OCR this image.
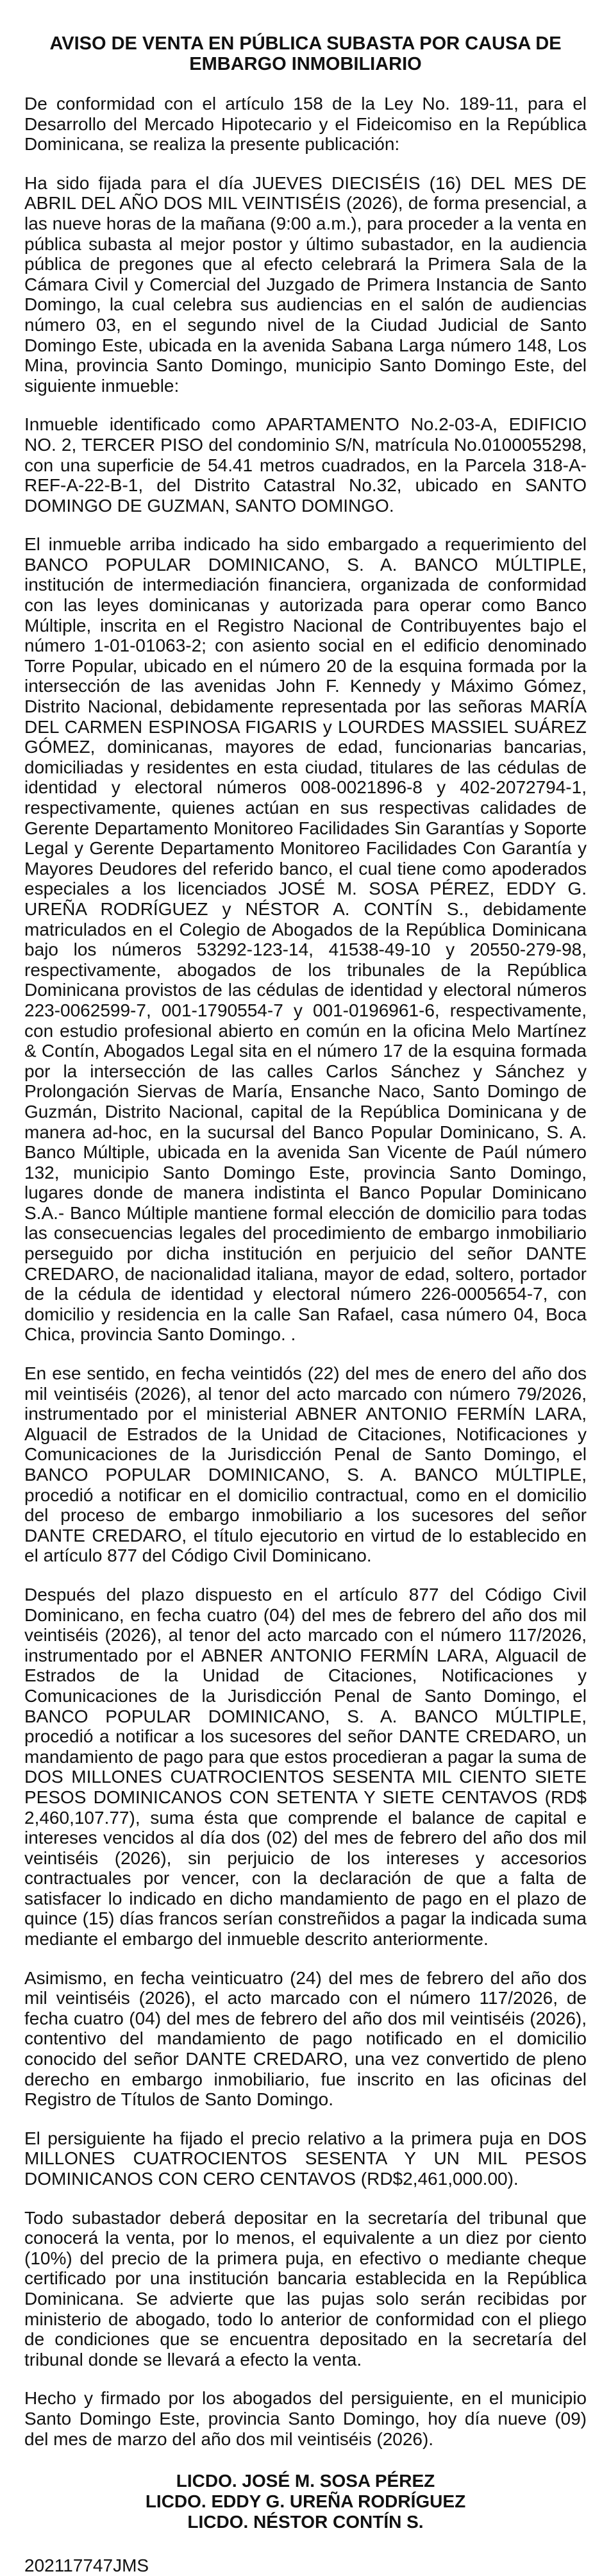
AVISO DE VENTA EN PÚBLICA SUBASTA POR CAUSA DE
EMBARGO INMOBILIARIO

De conformidad con el artículo 158 de la Ley No. 189-11, para el Desarrollo del Mercado Hipotecario y el Fideicomiso en la República Dominicana, se realiza la presente publicación:

Ha sido fijada para el día JUEVES DIECISÉIS (16) DEL MES DE ABRIL DEL AÑO DOS MIL VEINTISÉIS (2026), de forma presencial, a las nueve horas de la mañana (9:00 a.m.), para proceder a la venta en pública subasta al mejor postor y último subastador, en la audiencia pública de pregones que al efecto celebrará la Primera Sala de la Cámara Civil y Comercial del Juzgado de Primera Instancia de Santo Domingo, la cual celebra sus audiencias en el salón de audiencias número 03, en el segundo nivel de la Ciudad Judicial de Santo Domingo Este, ubicada en la avenida Sabana Larga número 148, Los Mina, provincia Santo Domingo, municipio Santo Domingo Este, del siguiente inmueble:

Inmueble identificado como APARTAMENTO No.2-03-A, EDIFICIO NO. 2, TERCER PISO del condominio S/N, matrícula No.0100055298, con una superficie de 54.41 metros cuadrados, en la Parcela 318-A-REF-A-22-B-1, del Distrito Catastral No.32, ubicado en SANTO DOMINGO DE GUZMAN, SANTO DOMINGO.

El inmueble arriba indicado ha sido embargado a requerimiento del BANCO POPULAR DOMINICANO, S. A. BANCO MÚLTIPLE, institución de intermediación financiera, organizada de conformidad con las leyes dominicanas y autorizada para operar como Banco Múltiple, inscrita en el Registro Nacional de Contribuyentes bajo el número 1-01-01063-2; con asiento social en el edificio denominado Torre Popular, ubicado en el número 20 de la esquina formada por la intersección de las avenidas John F. Kennedy y Máximo Gómez, Distrito Nacional, debidamente representada por las señoras MARÍA DEL CARMEN ESPINOSA FIGARIS y LOURDES MASSIEL SUÁREZ GÓMEZ, dominicanas, mayores de edad, funcionarias bancarias, domiciliadas y residentes en esta ciudad, titulares de las cédulas de identidad y electoral números 008-0021896-8 y 402-2072794-1, respectivamente, quienes actúan en sus respectivas calidades de Gerente Departamento Monitoreo Facilidades Sin Garantías y Soporte Legal y Gerente Departamento Monitoreo Facilidades Con Garantía y Mayores Deudores del referido banco, el cual tiene como apoderados especiales a los licenciados JOSÉ M. SOSA PÉREZ, EDDY G. UREÑA RODRÍGUEZ y NÉSTOR A. CONTÍN S., debidamente matriculados en el Colegio de Abogados de la República Dominicana bajo los números 53292-123-14, 41538-49-10 y 20550-279-98, respectivamente, abogados de los tribunales de la República Dominicana provistos de las cédulas de identidad y electoral números 223-0062599-7, 001-1790554-7 y 001-0196961-6, respectivamente, con estudio profesional abierto en común en la oficina Melo Martínez & Contín, Abogados Legal sita en el número 17 de la esquina formada por la intersección de las calles Carlos Sánchez y Sánchez y Prolongación Siervas de María, Ensanche Naco, Santo Domingo de Guzmán, Distrito Nacional, capital de la República Dominicana y de manera ad-hoc, en la sucursal del Banco Popular Dominicano, S. A. Banco Múltiple, ubicada en la avenida San Vicente de Paúl número 132, municipio Santo Domingo Este, provincia Santo Domingo, lugares donde de manera indistinta el Banco Popular Dominicano S.A.- Banco Múltiple mantiene formal elección de domicilio para todas las consecuencias legales del procedimiento de embargo inmobiliario perseguido por dicha institución en perjuicio del señor DANTE CREDARO, de nacionalidad italiana, mayor de edad, soltero, portador de la cédula de identidad y electoral número 226-0005654-7, con domicilio y residencia en la calle San Rafael, casa número 04, Boca Chica, provincia Santo Domingo. .

En ese sentido, en fecha veintidós (22) del mes de enero del año dos mil veintiséis (2026), al tenor del acto marcado con número 79/2026, instrumentado por el ministerial ABNER ANTONIO FERMÍN LARA, Alguacil de Estrados de la Unidad de Citaciones, Notificaciones y Comunicaciones de la Jurisdicción Penal de Santo Domingo, el BANCO POPULAR DOMINICANO, S. A. BANCO MÚLTIPLE, procedió a notificar en el domicilio contractual, como en el domicilio del proceso de embargo inmobiliario a los sucesores del señor DANTE CREDARO, el título ejecutorio en virtud de lo establecido en el artículo 877 del Código Civil Dominicano.

Después del plazo dispuesto en el artículo 877 del Código Civil Dominicano, en fecha cuatro (04) del mes de febrero del año dos mil veintiséis (2026), al tenor del acto marcado con el número 117/2026, instrumentado por el ABNER ANTONIO FERMÍN LARA, Alguacil de Estrados de la Unidad de Citaciones, Notificaciones y Comunicaciones de la Jurisdicción Penal de Santo Domingo, el BANCO POPULAR DOMINICANO, S. A. BANCO MÚLTIPLE, procedió a notificar a los sucesores del señor DANTE CREDARO, un mandamiento de pago para que estos procedieran a pagar la suma de DOS MILLONES CUATROCIENTOS SESENTA MIL CIENTO SIETE PESOS DOMINICANOS CON SETENTA Y SIETE CENTAVOS (RD$ 2,460,107.77), suma ésta que comprende el balance de capital e intereses vencidos al día dos (02) del mes de febrero del año dos mil veintiséis (2026), sin perjuicio de los intereses y accesorios contractuales por vencer, con la declaración de que a falta de satisfacer lo indicado en dicho mandamiento de pago en el plazo de quince (15) días francos serían constreñidos a pagar la indicada suma mediante el embargo del inmueble descrito anteriormente.

Asimismo, en fecha veinticuatro (24) del mes de febrero del año dos mil veintiséis (2026), el acto marcado con el número 117/2026, de fecha cuatro (04) del mes de febrero del año dos mil veintiséis (2026), contentivo del mandamiento de pago notificado en el domicilio conocido del señor DANTE CREDARO, una vez convertido de pleno derecho en embargo inmobiliario, fue inscrito en las oficinas del Registro de Títulos de Santo Domingo.

El persiguiente ha fijado el precio relativo a la primera puja en DOS MILLONES CUATROCIENTOS SESENTA Y UN MIL PESOS DOMINICANOS CON CERO CENTAVOS (RD$2,461,000.00).

Todo subastador deberá depositar en la secretaría del tribunal que conocerá la venta, por lo menos, el equivalente a un diez por ciento (10%) del precio de la primera puja, en efectivo o mediante cheque certificado por una institución bancaria establecida en la República Dominicana. Se advierte que las pujas solo serán recibidas por ministerio de abogado, todo lo anterior de conformidad con el pliego de condiciones que se encuentra depositado en la secretaría del tribunal donde se llevará a efecto la venta.

Hecho y firmado por los abogados del persiguiente, en el municipio Santo Domingo Este, provincia Santo Domingo, hoy día nueve (09) del mes de marzo del año dos mil veintiséis (2026).

LICDO. JOSÉ M. SOSA PÉREZ
LICDO. EDDY G. UREÑA RODRÍGUEZ
LICDO. NÉSTOR CONTÍN S.
202117747JMS
